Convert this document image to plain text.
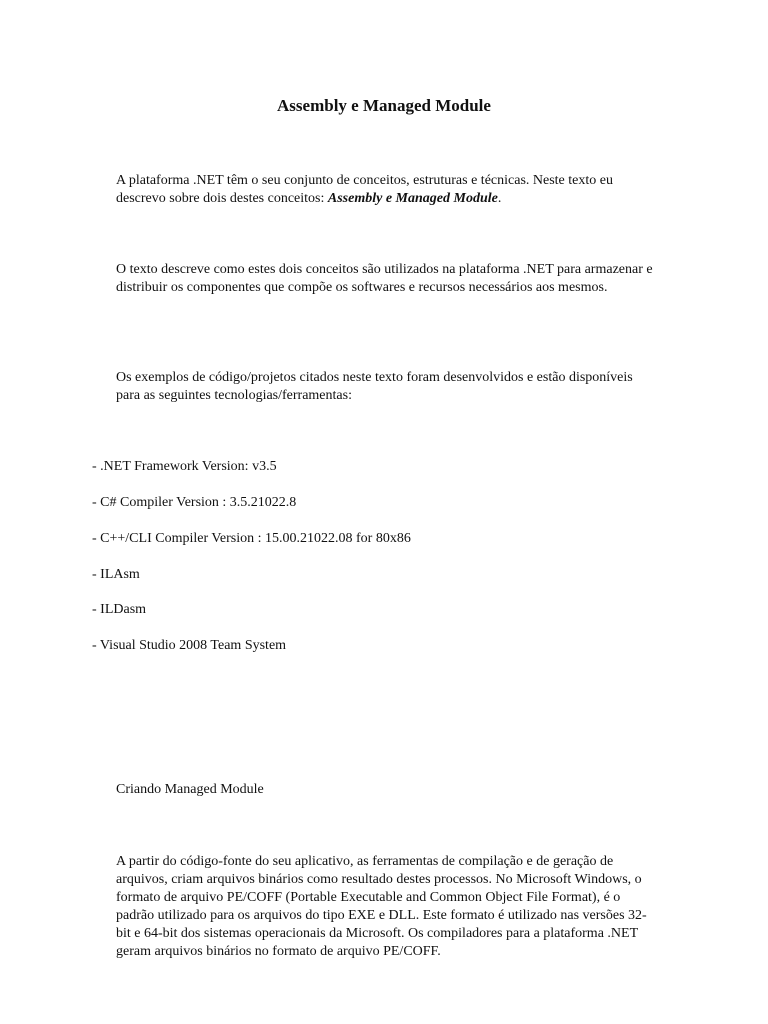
Assembly e Managed Module

A plataforma .NET têm o seu conjunto de conceitos, estruturas e técnicas. Neste texto eu descrevo sobre dois destes conceitos: Assembly e Managed Module.

O texto descreve como estes dois conceitos são utilizados na plataforma .NET para armazenar e distribuir os componentes que compõe os softwares e recursos necessários aos mesmos.

Os exemplos de código/projetos citados neste texto foram desenvolvidos e estão disponíveis para as seguintes tecnologias/ferramentas:

- .NET Framework Version: v3.5

- C# Compiler Version : 3.5.21022.8

- C++/CLI Compiler Version : 15.00.21022.08 for 80x86

- ILAsm

- ILDasm

- Visual Studio 2008 Team System

Criando Managed Module

A partir do código-fonte do seu aplicativo, as ferramentas de compilação e de geração de arquivos, criam arquivos binários como resultado destes processos. No Microsoft Windows, o formato de arquivo PE/COFF (Portable Executable and Common Object File Format), é o padrão utilizado para os arquivos do tipo EXE e DLL. Este formato é utilizado nas versões 32-bit e 64-bit dos sistemas operacionais da Microsoft. Os compiladores para a plataforma .NET geram arquivos binários no formato de arquivo PE/COFF.
